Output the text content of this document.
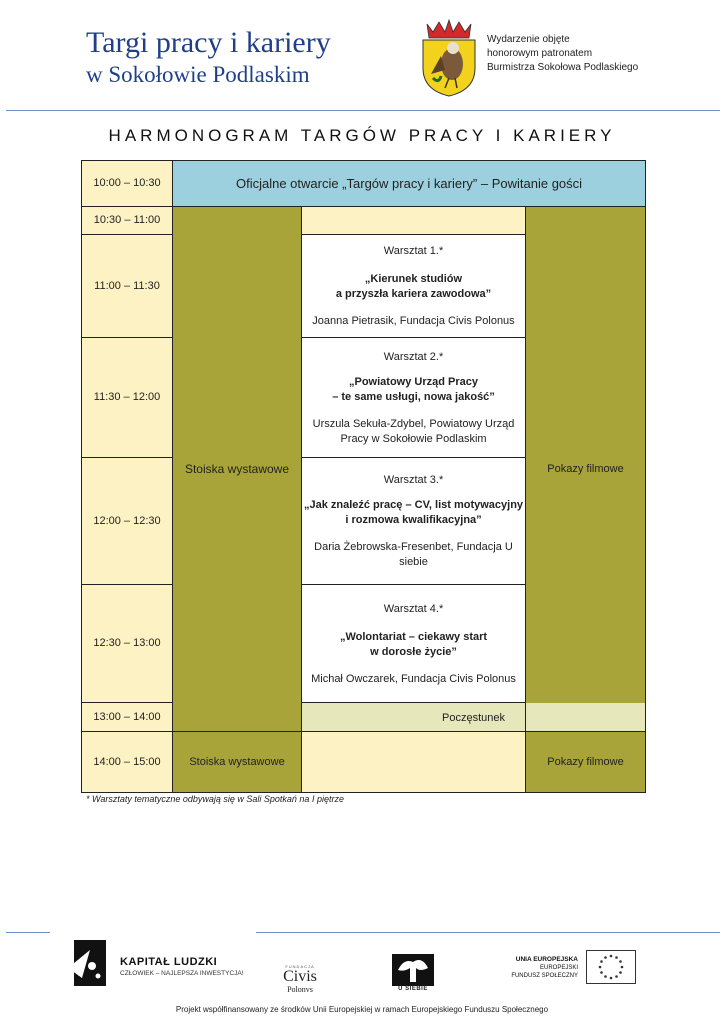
Targi pracy i kariery
w Sokołowie Podlaskim
Wydarzenie objęte
honorowym patronatem
Burmistrza Sokołowa Podlaskiego
HARMONOGRAM TARGÓW PRACY I KARIERY
10:00 – 10:30	Oficjalne otwarcie „Targów pracy i kariery” – Powitanie gości		
10:30 – 11:00	Stoiska wystawowe		Pokazy filmowe
11:00 – 11:30		Warsztat 1.*
„Kierunek studiów
a przyszła kariera zawodowa”
Joanna Pietrasik, Fundacja Civis Polonus	

11:30 – 12:00		Warsztat 2.*
„Powiatowy Urząd Pracy
– te same usługi, nowa jakość”
Urszula Sekuła-Zdybel, Powiatowy Urząd
Pracy w Sokołowie Podlaskim	

12:00 – 12:30		Warsztat 3.*
„Jak znaleźć pracę – CV, list motywacyjny
i rozmowa kwalifikacyjna”
Daria Żebrowska-Fresenbet, Fundacja U
siebie	

12:30 – 13:00		Warsztat 4.*
„Wolontariat – ciekawy start
w dorosłe życie”
Michał Owczarek, Fundacja Civis Polonus	

13:00 – 14:00		Poczęstunek	

14:00 – 15:00	Stoiska wystawowe		Pokazy filmowe
* Warsztaty tematyczne odbywają się w Sali Spotkań na I piętrze
KAPITAŁ LUDZKI
CZŁOWIEK – NAJLEPSZA INWESTYCJA!
FUNDACJA
Civis
Polonvs	U SIEBIE
UNIA EUROPEJSKA
EUROPEJSKI
FUNDUSZ SPOŁECZNY
Projekt współfinansowany ze środków Unii Europejskiej w ramach Europejskiego Funduszu Społecznego
